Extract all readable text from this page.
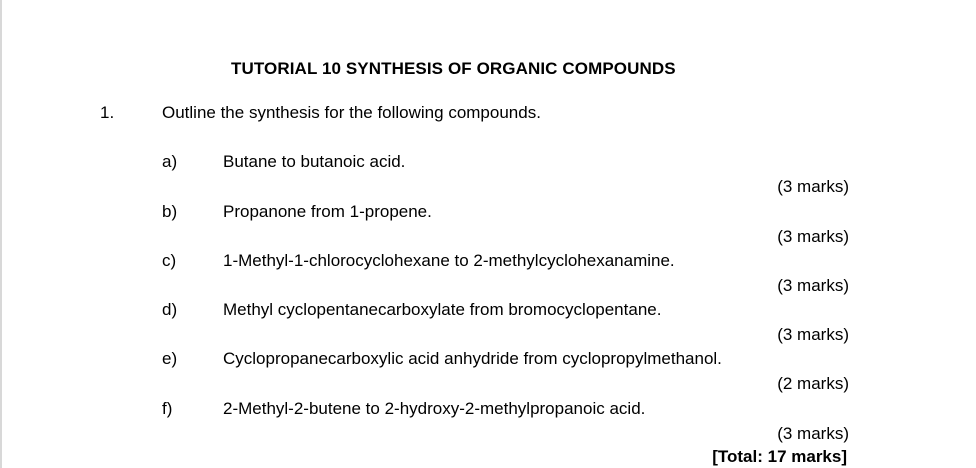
TUTORIAL 10 SYNTHESIS OF ORGANIC COMPOUNDS
1.	Outline the synthesis for the following compounds.
a)	Butane to butanoic acid.
(3 marks)
b)	Propanone from 1-propene.
(3 marks)
c)	1-Methyl-1-chlorocyclohexane to 2-methylcyclohexanamine.
(3 marks)
d)	Methyl cyclopentanecarboxylate from bromocyclopentane.
(3 marks)
e)	Cyclopropanecarboxylic acid anhydride from cyclopropylmethanol.
(2 marks)
f)	2-Methyl-2-butene to 2-hydroxy-2-methylpropanoic acid.
(3 marks)
[Total: 17 marks]
